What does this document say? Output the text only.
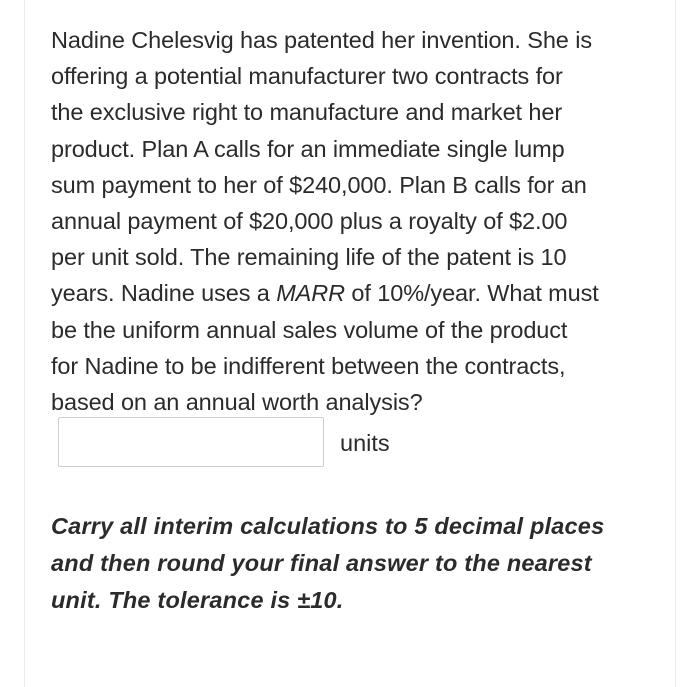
Nadine Chelesvig has patented her invention. She is
offering a potential manufacturer two contracts for
the exclusive right to manufacture and market her
product. Plan A calls for an immediate single lump
sum payment to her of $240,000. Plan B calls for an
annual payment of $20,000 plus a royalty of $2.00
per unit sold. The remaining life of the patent is 10
years. Nadine uses a MARR of 10%/year. What must
be the uniform annual sales volume of the product
for Nadine to be indifferent between the contracts,
based on an annual worth analysis?

units

Carry all interim calculations to 5 decimal places
and then round your final answer to the nearest
unit. The tolerance is ±10.
